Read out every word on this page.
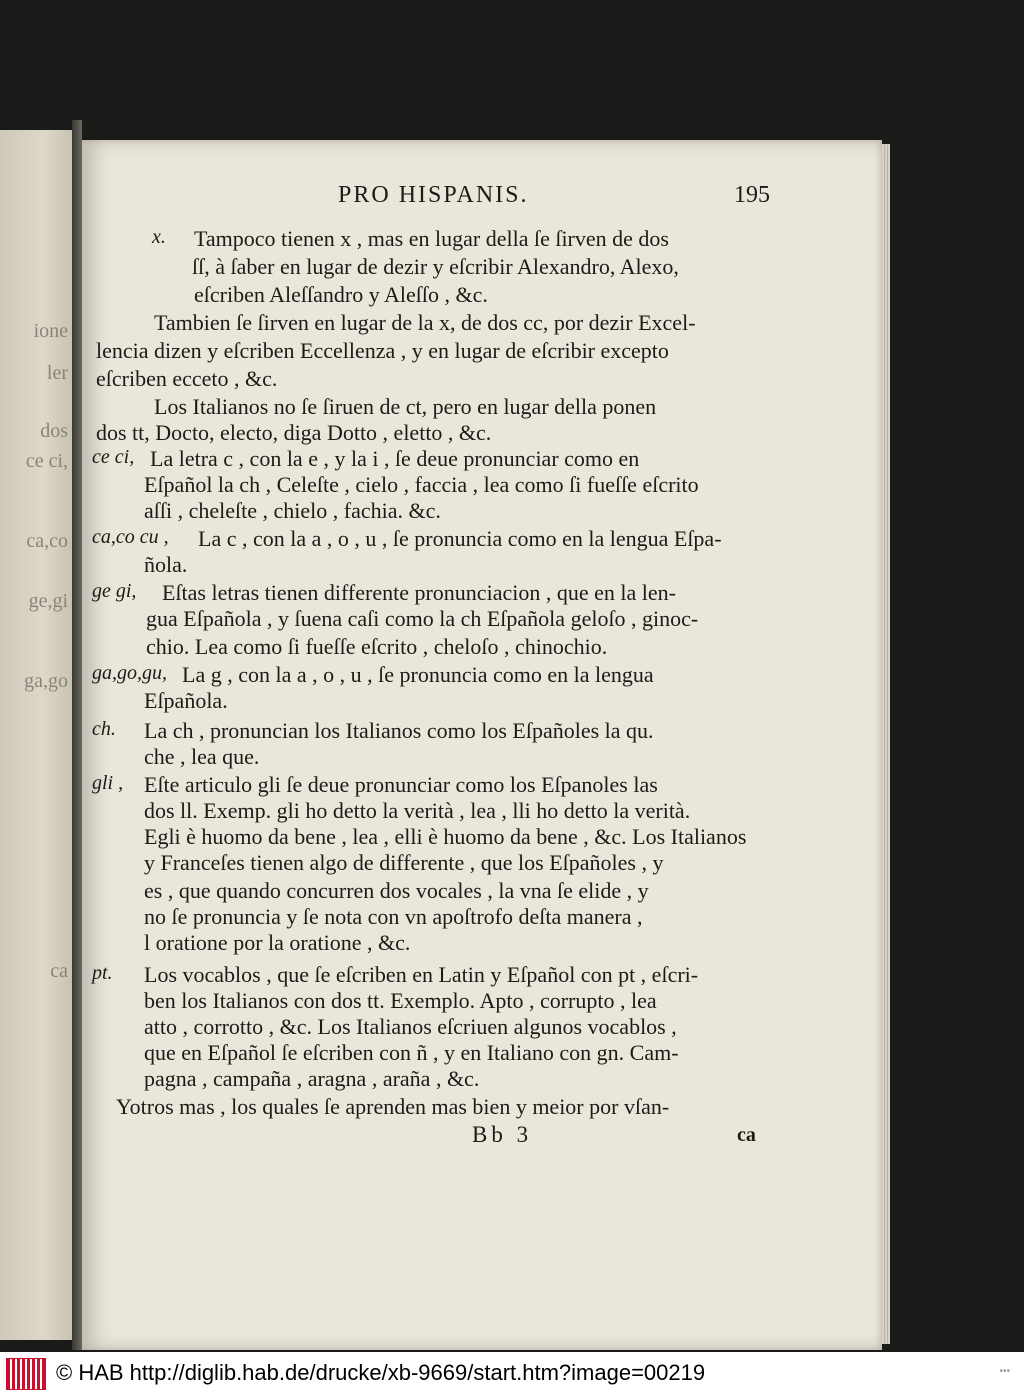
ione
ler
dos
ce ci,
ca,co
ge,gi
ga,go
ca
PRO HISPANIS.	195
x.
ce ci,
ca,co cu ,
ge gi,
ga,go,gu,
ch.
gli ,
pt.
Tampoco tienen x , mas en lugar della ſe ſirven de dos
ſſ, à ſaber en lugar de dezir y eſcribir Alexandro, Alexo,
eſcriben Aleſſandro y Aleſſo , &c.
Tambien ſe ſirven en lugar de la x, de dos cc, por dezir Excel-
lencia dizen y eſcriben Eccellenza , y en lugar de eſcribir excepto
eſcriben ecceto , &c.
Los Italianos no ſe ſiruen de ct, pero en lugar della ponen
dos tt, Docto, electo, diga Dotto , eletto , &c.
La letra c , con la e , y la i , ſe deue pronunciar como en
Eſpañol la ch , Celeſte , cielo , faccia , lea como ſi fueſſe eſcrito
aſſi , cheleſte , chielo , fachia. &c.
La c , con la a , o , u , ſe pronuncia como en la lengua Eſpa-
ñola.
Eſtas letras tienen differente pronunciacion , que en la len-
gua Eſpañola , y ſuena caſi como la ch Eſpañola geloſo , ginoc-
chio. Lea como ſi fueſſe eſcrito , cheloſo , chinochio.
La g , con la a , o , u , ſe pronuncia como en la lengua
Eſpañola.
La ch , pronuncian los Italianos como los Eſpañoles la qu.
che , lea que.
Eſte articulo gli ſe deue pronunciar como los Eſpanoles las
dos ll. Exemp. gli ho detto la verità , lea , lli ho detto la verità.
Egli è huomo da bene , lea , elli è huomo da bene , &c. Los Italianos
y Franceſes tienen algo de differente , que los Eſpañoles , y
es , que quando concurren dos vocales , la vna ſe elide , y
no ſe pronuncia y ſe nota con vn apoſtrofo deſta manera ,
l oratione por la oratione , &c.
Los vocablos , que ſe eſcriben en Latin y Eſpañol con pt , eſcri-
ben los Italianos con dos tt. Exemplo. Apto , corrupto , lea
atto , corrotto , &c. Los Italianos eſcriuen algunos vocablos ,
que en Eſpañol ſe eſcriben con ñ , y en Italiano con gn. Cam-
pagna , campaña , aragna , araña , &c.
Yotros mas , los quales ſe aprenden mas bien y meior por vſan-
Bb 3	ca
© HAB http://diglib.hab.de/drucke/xb-9669/start.htm?image=00219	•••
